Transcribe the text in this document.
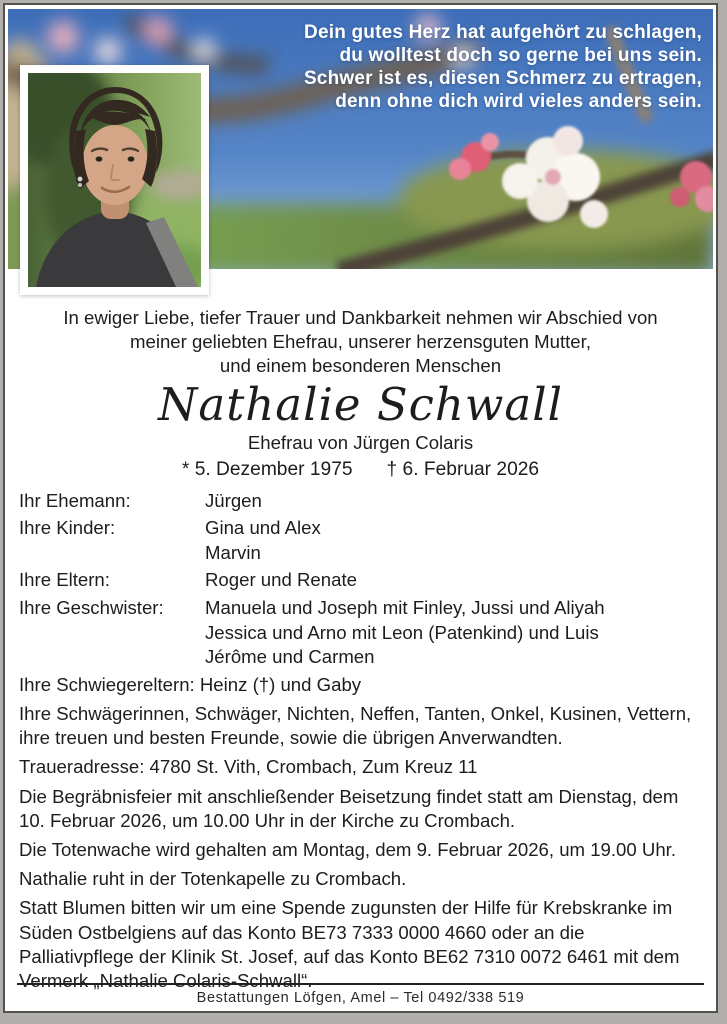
Dein gutes Herz hat aufgehört zu schlagen,
du wolltest doch so gerne bei uns sein.
Schwer ist es, diesen Schmerz zu ertragen,
denn ohne dich wird vieles anders sein.
In ewiger Liebe, tiefer Trauer und Dankbarkeit nehmen wir Abschied von
meiner geliebten Ehefrau, unserer herzensguten Mutter,
und einem besonderen Menschen
Nathalie Schwall
Ehefrau von Jürgen Colaris
* 5. Dezember 1975 † 6. Februar 2026
Ihr Ehemann:	Jürgen
Ihre Kinder:	Gina und Alex
Marvin
Ihre Eltern:	Roger und Renate
Ihre Geschwister:	Manuela und Joseph mit Finley, Jussi und Aliyah
Jessica und Arno mit Leon (Patenkind) und Luis
Jérôme und Carmen
Ihre Schwiegereltern: Heinz (†) und Gaby
Ihre Schwägerinnen, Schwäger, Nichten, Neffen, Tanten, Onkel, Kusinen, Vettern, ihre treuen und besten Freunde, sowie die übrigen Anverwandten.
Traueradresse: 4780 St. Vith, Crombach, Zum Kreuz 11
Die Begräbnisfeier mit anschließender Beisetzung findet statt am Dienstag, dem 10. Februar 2026, um 10.00 Uhr in der Kirche zu Crombach.
Die Totenwache wird gehalten am Montag, dem 9. Februar 2026, um 19.00 Uhr.
Nathalie ruht in der Totenkapelle zu Crombach.
Statt Blumen bitten wir um eine Spende zugunsten der Hilfe für Krebskranke im Süden Ostbelgiens auf das Konto BE73 7333 0000 4660 oder an die Palliativpflege der Klinik St. Josef, auf das Konto BE62 7310 0072 6461 mit dem Vermerk „Nathalie Colaris-Schwall“.
Bestattungen Löfgen, Amel – Tel 0492/338 519
